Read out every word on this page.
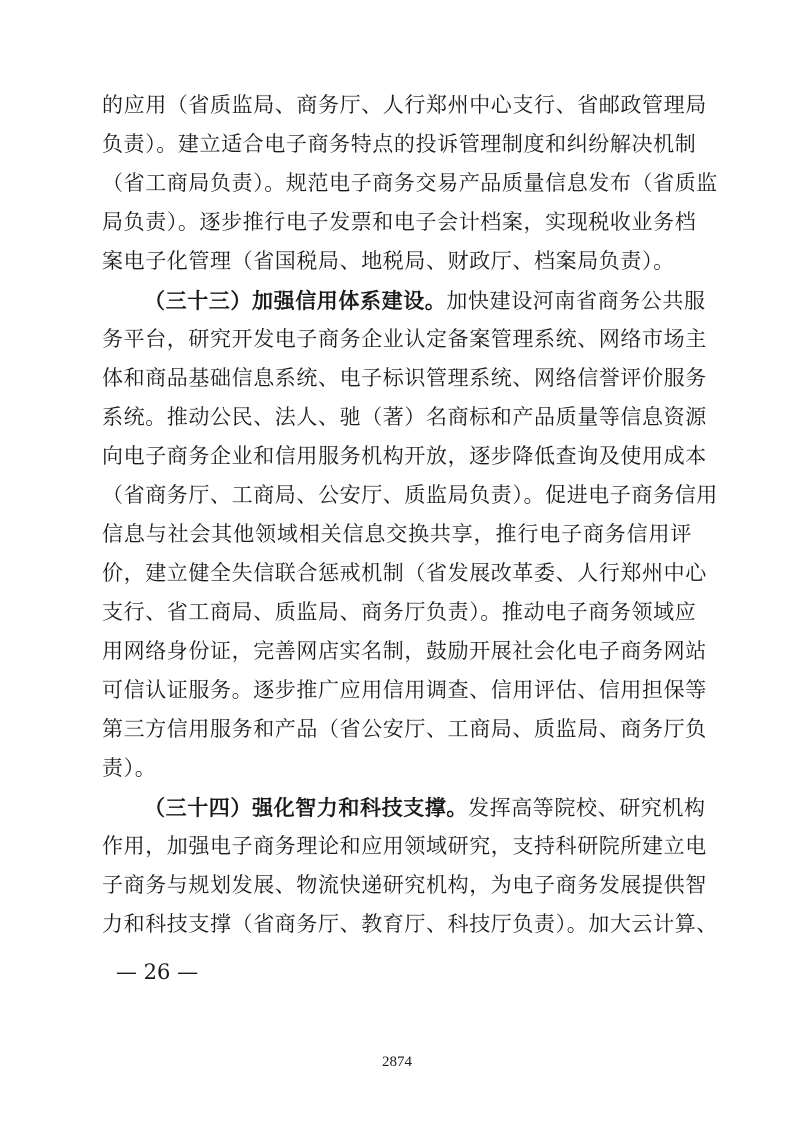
的应用（省质监局、商务厅、人行郑州中心支行、省邮政管理局
负责）。建立适合电子商务特点的投诉管理制度和纠纷解决机制
（省工商局负责）。规范电子商务交易产品质量信息发布（省质监
局负责）。逐步推行电子发票和电子会计档案，实现税收业务档
案电子化管理（省国税局、地税局、财政厅、档案局负责）。
（三十三）加强信用体系建设。加快建设河南省商务公共服
务平台，研究开发电子商务企业认定备案管理系统、网络市场主
体和商品基础信息系统、电子标识管理系统、网络信誉评价服务
系统。推动公民、法人、驰（著）名商标和产品质量等信息资源
向电子商务企业和信用服务机构开放，逐步降低查询及使用成本
（省商务厅、工商局、公安厅、质监局负责）。促进电子商务信用
信息与社会其他领域相关信息交换共享，推行电子商务信用评
价，建立健全失信联合惩戒机制（省发展改革委、人行郑州中心
支行、省工商局、质监局、商务厅负责）。推动电子商务领域应
用网络身份证，完善网店实名制，鼓励开展社会化电子商务网站
可信认证服务。逐步推广应用信用调查、信用评估、信用担保等
第三方信用服务和产品（省公安厅、工商局、质监局、商务厅负
责）。
（三十四）强化智力和科技支撑。发挥高等院校、研究机构
作用，加强电子商务理论和应用领域研究，支持科研院所建立电
子商务与规划发展、物流快递研究机构，为电子商务发展提供智
力和科技支撑（省商务厅、教育厅、科技厅负责）。加大云计算、
— 26 —
2874
